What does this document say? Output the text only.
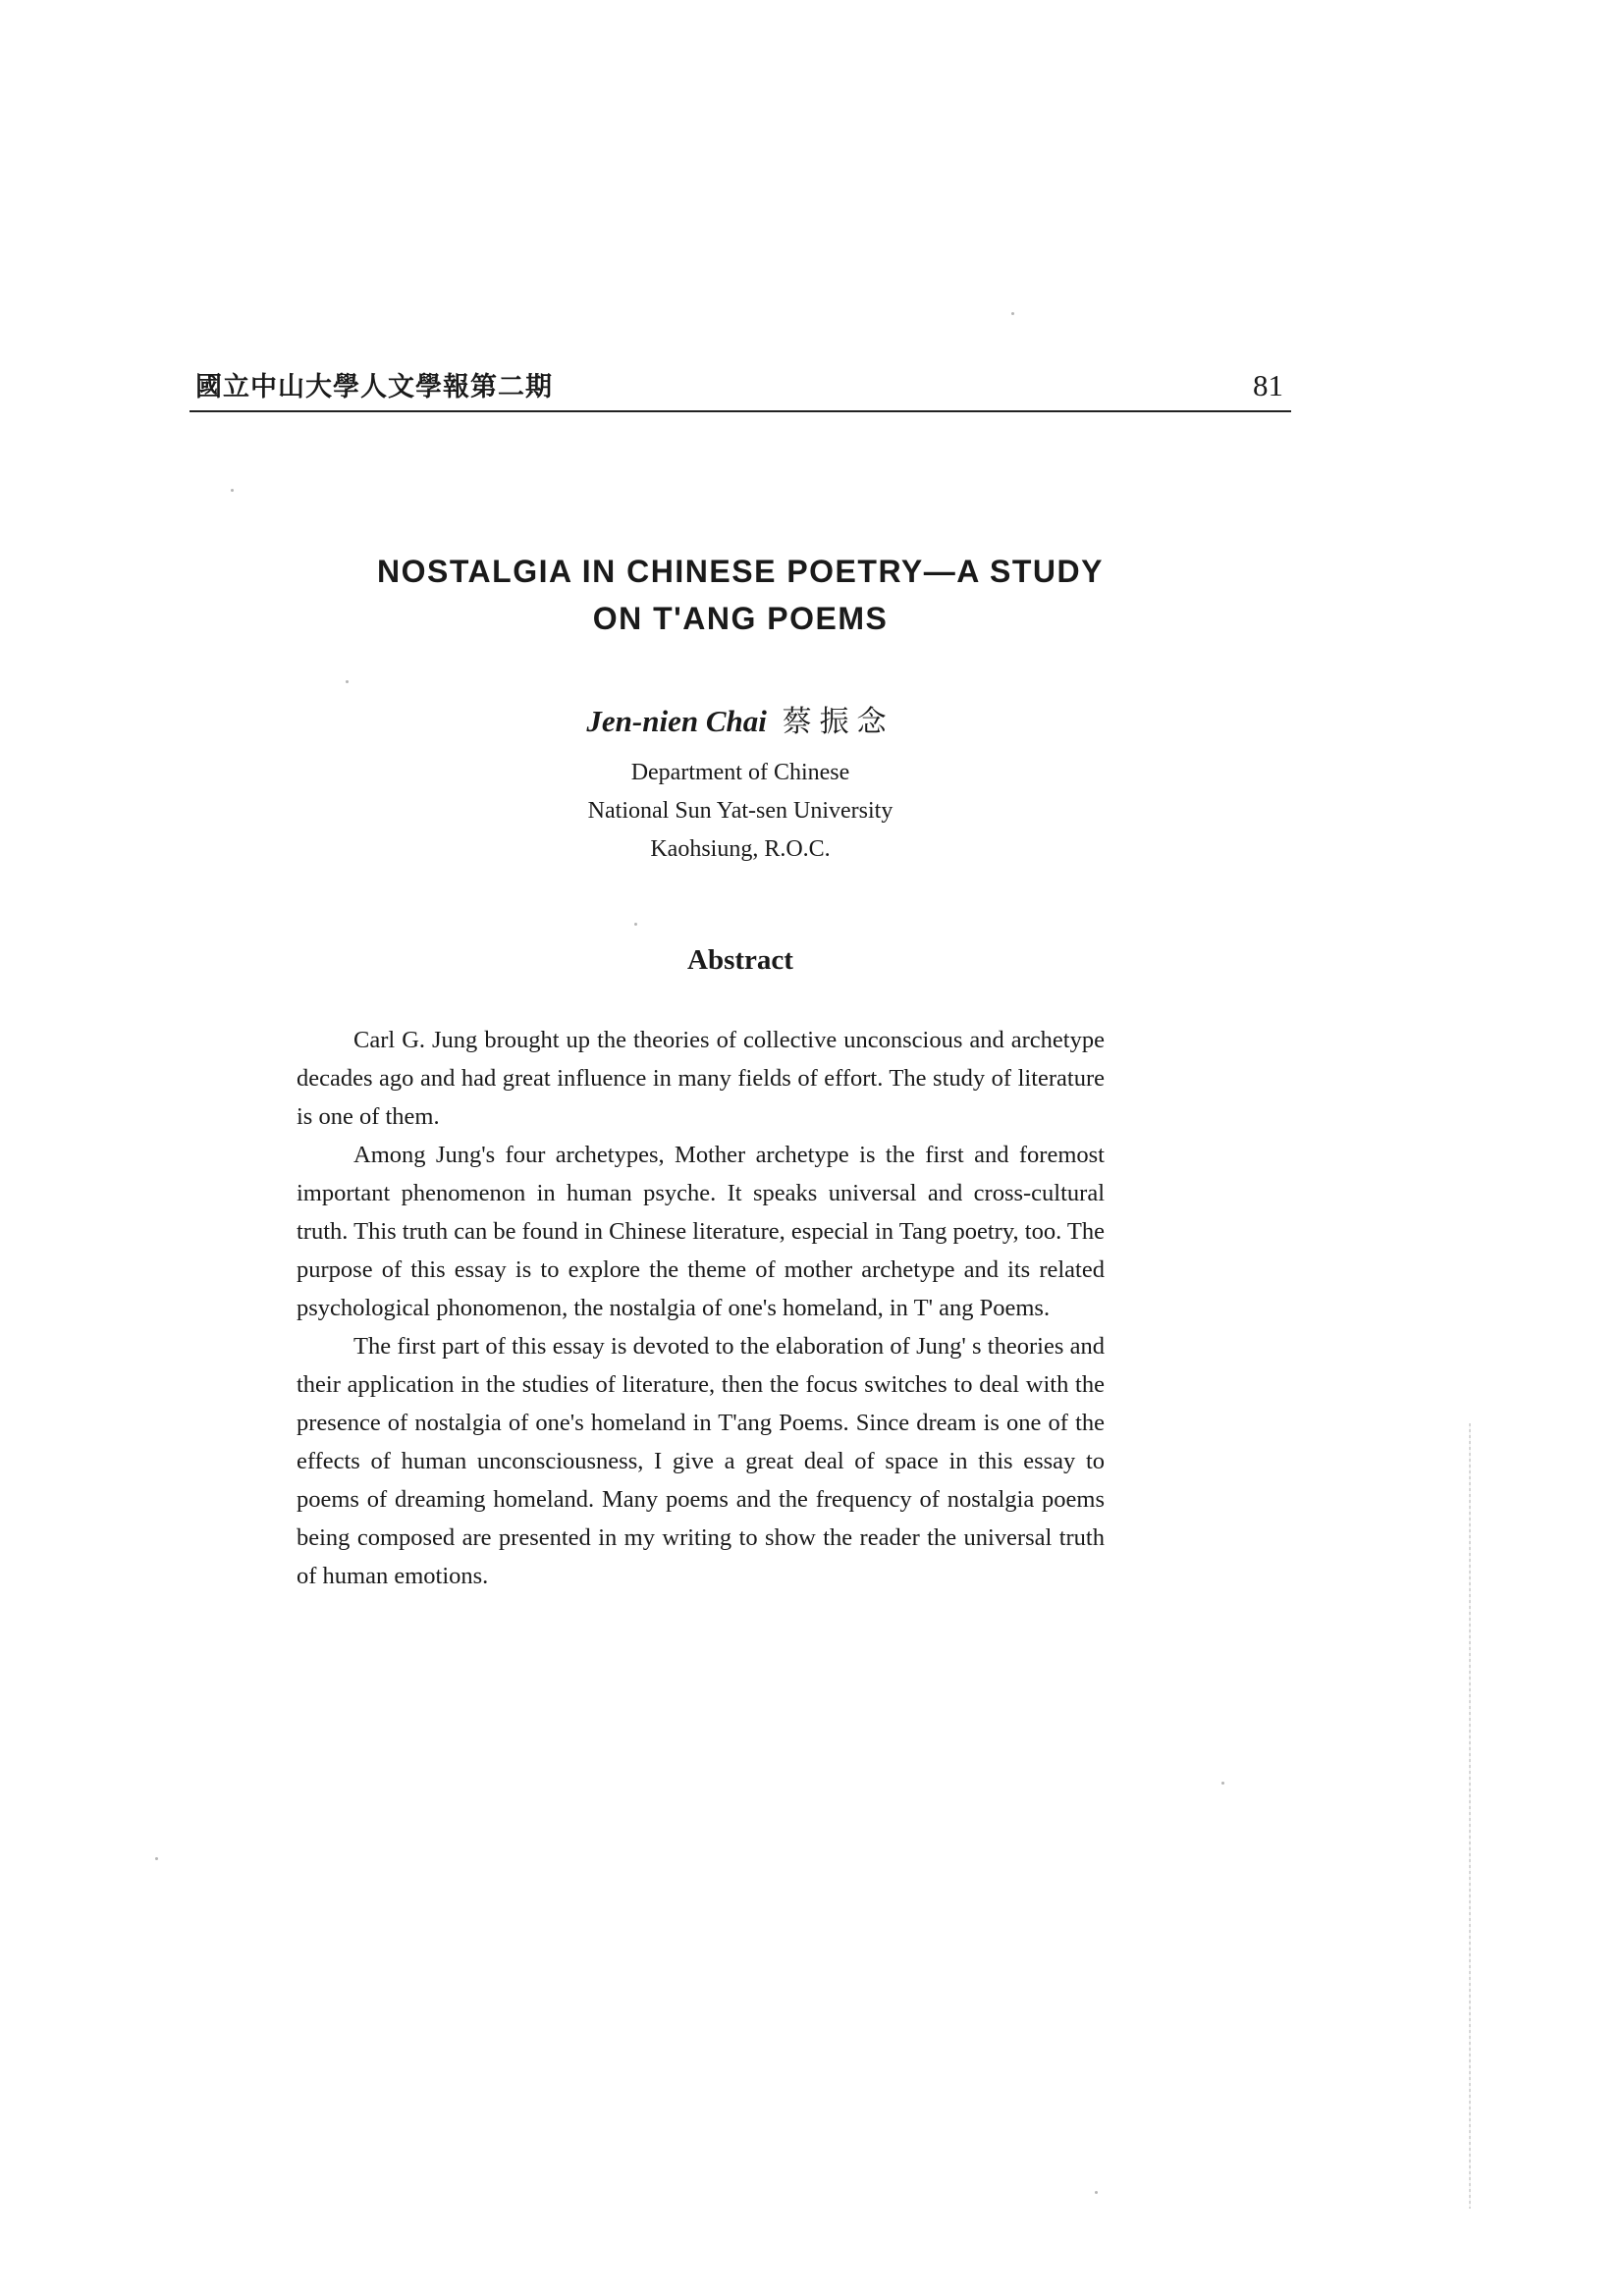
國立中山大學人文學報第二期	81
NOSTALGIA IN CHINESE POETRY—A STUDY
ON T'ANG POEMS
Jen-nien Chai 蔡振念
Department of Chinese
National Sun Yat-sen University
Kaohsiung, R.O.C.
Abstract

Carl G. Jung brought up the theories of collective unconscious and archetype decades ago and had great influence in many fields of effort. The study of literature is one of them.

Among Jung's four archetypes, Mother archetype is the first and foremost important phenomenon in human psyche. It speaks universal and cross-cultural truth. This truth can be found in Chinese literature, especial in Tang poetry, too. The purpose of this essay is to explore the theme of mother archetype and its related psychological phonomenon, the nostalgia of one's homeland, in T' ang Poems.

The first part of this essay is devoted to the elaboration of Jung' s theories and their application in the studies of literature, then the focus switches to deal with the presence of nostalgia of one's homeland in T'ang Poems. Since dream is one of the effects of human unconsciousness, I give a great deal of space in this essay to poems of dreaming homeland. Many poems and the frequency of nostalgia poems being composed are presented in my writing to show the reader the universal truth of human emotions.
